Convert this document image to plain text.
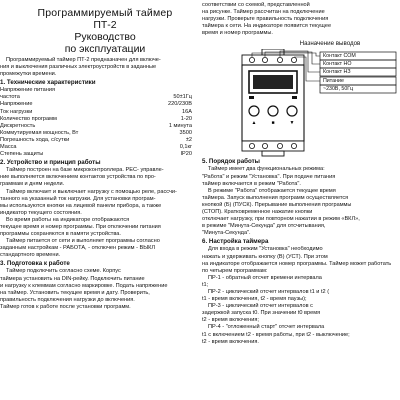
Программируемый таймер
ПТ-2
Руководство
по эксплуатации

Программируемый таймер ПТ-2 предназначен для включе-

ния и выключения различных электроустройств в заданные

промежутки времени.

1. Технические характеристики
Напряжение питания
частота	50±1Гц
Напряжение	220/230В
Ток нагрузки	16А
Количество программ	1-20
Дискретность	1 минута
Коммутируемая мощность, Вт	3500
Погрешность хода, с/сутки	±2
Масса	0,1кг
Степень защиты	IP20
2. Устройство и принцип работы

Таймер построен на базе микроконтроллера. РЕС- управле-

ние выполняется включением контактов устройства по про-

граммам и дням недели.

Таймер включает и выключает нагрузку с помощью реле, рассчи-

танного на указанный ток нагрузки. Для установки програм-

мы используются кнопки на лицевой панели прибора, а также

индикатор текущего состояния.

Во время работы на индикаторе отображаются

текущее время и номер программы. При отключении питания

программы сохраняются в памяти устройства.

Таймер питается от сети и выполняет программы согласно

заданным настройкам - РАБОТА, - отключен режим - ВЫКЛ

стандартного времени.

3. Подготовка к работе

Таймер подключить согласно схеме. Корпус

таймера установить на DIN-рейку. Подключить питание

и нагрузку к клеммам согласно маркировке. Подать напряжение

на таймер. Установить текущее время и дату. Проверить,

правильность подключения нагрузки до включения.

Таймер готов к работе после установки программ.

соответствии со схемой, представленной

на рисунке. Таймер рассчитан на подключение

нагрузки. Проверьте правильность подключения

таймера к сети. На индикаторе появится текущее

время и номер программы.

Назначение выводов
▲	■	▼
Контакт СОМ
Контакт НО
Контакт НЗ
Питание
~230В, 50Гц
5. Порядок работы

Таймер имеет два функциональных режима:

"Работа" и режим "Установка". При подаче питания

таймер включается в режим "Работа".

В режиме "Работа" отображается текущее время

таймера. Запуск выполнения программ осуществляется

кнопкой (Б) (ПУСК). Прерывание выполнения программы

(СТОП). Кратковременное нажатие кнопки

отключает нагрузку, при повторном нажатии в режим «ВКЛ»,

в режиме "Минута-Секунда" для отсчитывания,

"Минута-Секунда".

6. Настройка таймера

Для входа в режим "Установка" необходимо

нажать и удерживать кнопку (В) (УСТ). При этом

на индикаторе отображается номер программы. Таймер может работать

по четырем программам:

ПР-1 - обратный отсчет времени интервала

t1;

ПР-2 - циклический отсчет интервалов t1 и t2 (

t1 - время включения, t2 - время паузы);

ПР-3 - циклический отсчет интервалов с

задержкой запуска t0. При значении t0 время

t2 - время включения;

ПР-4 - "отложенный старт" отсчет интервала

t1 с включением t2 - время работы, при t2 - выключение;

t2 - время включения.
